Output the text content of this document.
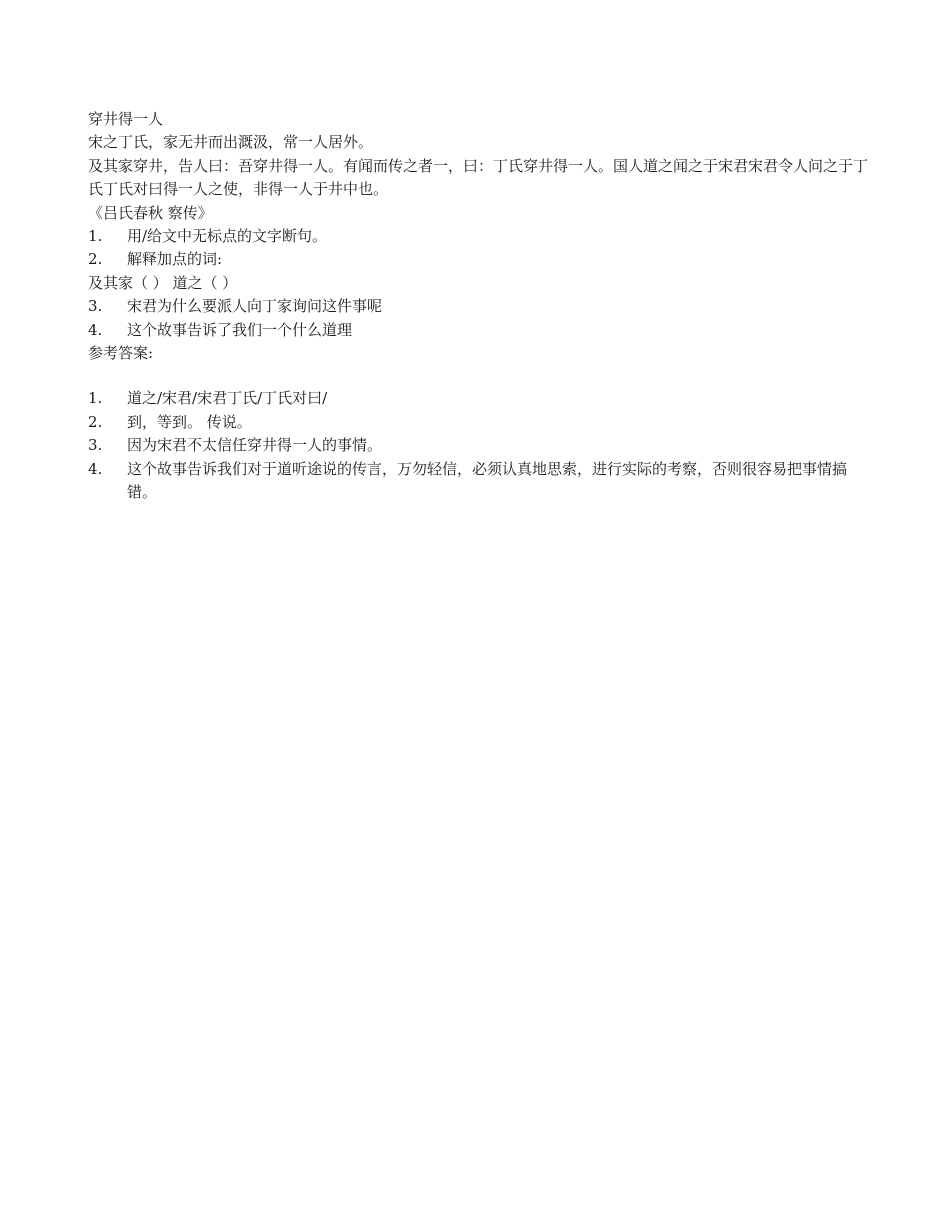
穿井得一人

宋之丁氏，家无井而出溉汲，常一人居外。

及其家穿井，告人曰：吾穿井得一人。有闻而传之者一，曰：丁氏穿井得一人。国人道之闻之于宋君宋君令人问之于丁氏丁氏对曰得一人之使，非得一人于井中也。

《吕氏春秋 察传》

1. 用/给文中无标点的文字断句。
2. 解释加点的词:

及其家（ ） 道之（ ）

3. 宋君为什么要派人向丁家询问这件事呢
4. 这个故事告诉了我们一个什么道理

参考答案:

1. 道之/宋君/宋君丁氏/丁氏对曰/
2. 到，等到。 传说。
3. 因为宋君不太信任穿井得一人的事情。
4. 这个故事告诉我们对于道听途说的传言，万勿轻信，必须认真地思索，进行实际的考察，否则很容易把事情搞错。
